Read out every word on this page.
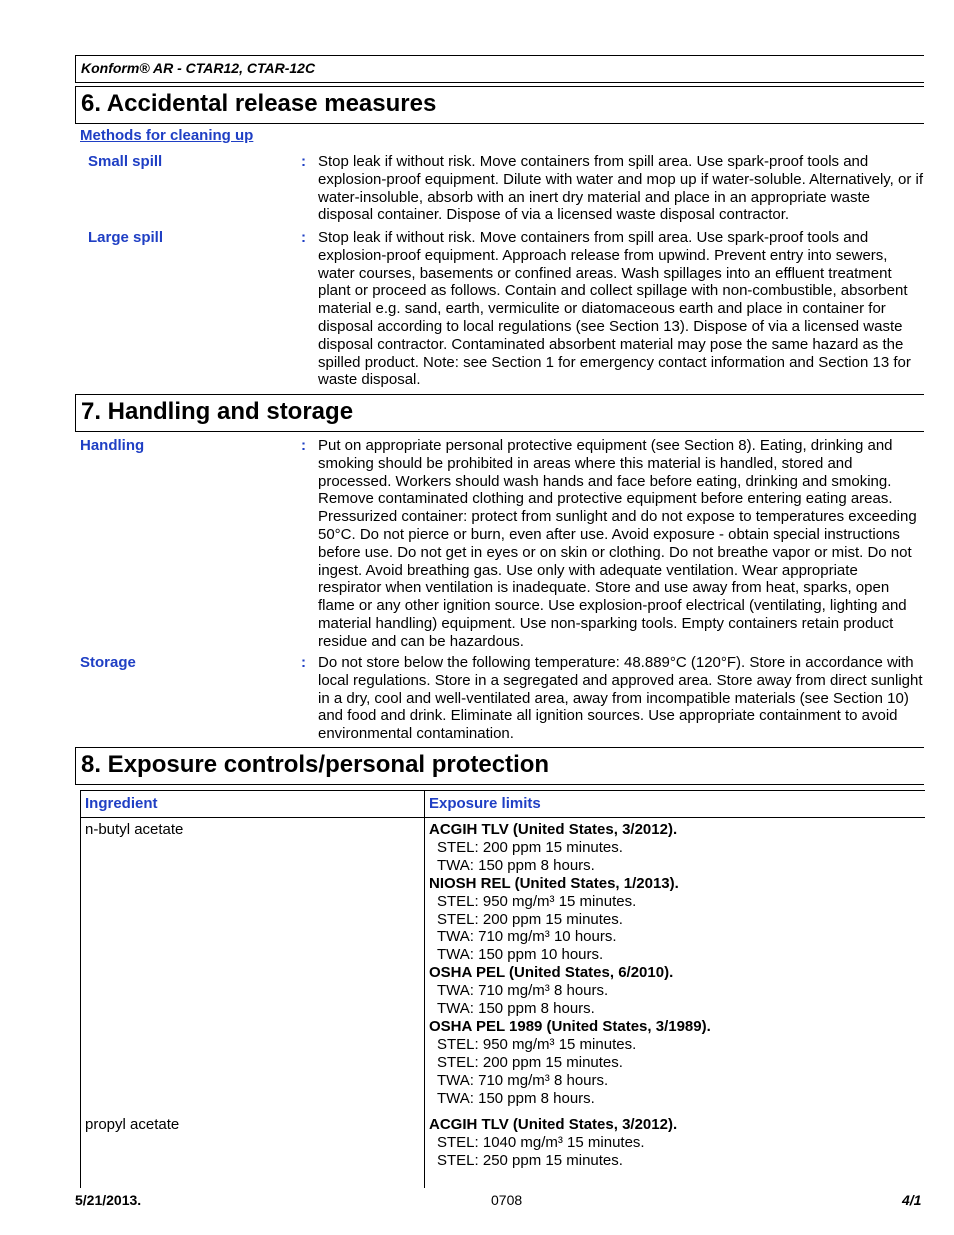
Konform® AR - CTAR12, CTAR-12C
6. Accidental release measures
Methods for cleaning up
Small spill	: Stop leak if without risk. Move containers from spill area. Use spark-proof tools and explosion-proof equipment. Dilute with water and mop up if water-soluble. Alternatively, or if water-insoluble, absorb with an inert dry material and place in an appropriate waste disposal container. Dispose of via a licensed waste disposal contractor.
Large spill	: Stop leak if without risk. Move containers from spill area. Use spark-proof tools and explosion-proof equipment. Approach release from upwind. Prevent entry into sewers, water courses, basements or confined areas. Wash spillages into an effluent treatment plant or proceed as follows. Contain and collect spillage with non-combustible, absorbent material e.g. sand, earth, vermiculite or diatomaceous earth and place in container for disposal according to local regulations (see Section 13). Dispose of via a licensed waste disposal contractor. Contaminated absorbent material may pose the same hazard as the spilled product. Note: see Section 1 for emergency contact information and Section 13 for waste disposal.
7. Handling and storage
Handling	: Put on appropriate personal protective equipment (see Section 8). Eating, drinking and smoking should be prohibited in areas where this material is handled, stored and processed. Workers should wash hands and face before eating, drinking and smoking. Remove contaminated clothing and protective equipment before entering eating areas. Pressurized container: protect from sunlight and do not expose to temperatures exceeding 50°C. Do not pierce or burn, even after use. Avoid exposure - obtain special instructions before use. Do not get in eyes or on skin or clothing. Do not breathe vapor or mist. Do not ingest. Avoid breathing gas. Use only with adequate ventilation. Wear appropriate respirator when ventilation is inadequate. Store and use away from heat, sparks, open flame or any other ignition source. Use explosion-proof electrical (ventilating, lighting and material handling) equipment. Use non-sparking tools. Empty containers retain product residue and can be hazardous.
Storage	: Do not store below the following temperature: 48.889°C (120°F). Store in accordance with local regulations. Store in a segregated and approved area. Store away from direct sunlight in a dry, cool and well-ventilated area, away from incompatible materials (see Section 10) and food and drink. Eliminate all ignition sources. Use appropriate containment to avoid environmental contamination.
8. Exposure controls/personal protection
Ingredient	Exposure limits
n-butyl acetate	ACGIH TLV (United States, 3/2012).
STEL: 200 ppm 15 minutes.
TWA: 150 ppm 8 hours.
NIOSH REL (United States, 1/2013).
STEL: 950 mg/m³ 15 minutes.
STEL: 200 ppm 15 minutes.
TWA: 710 mg/m³ 10 hours.
TWA: 150 ppm 10 hours.
OSHA PEL (United States, 6/2010).
TWA: 710 mg/m³ 8 hours.
TWA: 150 ppm 8 hours.
OSHA PEL 1989 (United States, 3/1989).
STEL: 950 mg/m³ 15 minutes.
STEL: 200 ppm 15 minutes.
TWA: 710 mg/m³ 8 hours.
TWA: 150 ppm 8 hours.
propyl acetate	ACGIH TLV (United States, 3/2012).
STEL: 1040 mg/m³ 15 minutes.
STEL: 250 ppm 15 minutes.
5/21/2013.	0708	4/1
